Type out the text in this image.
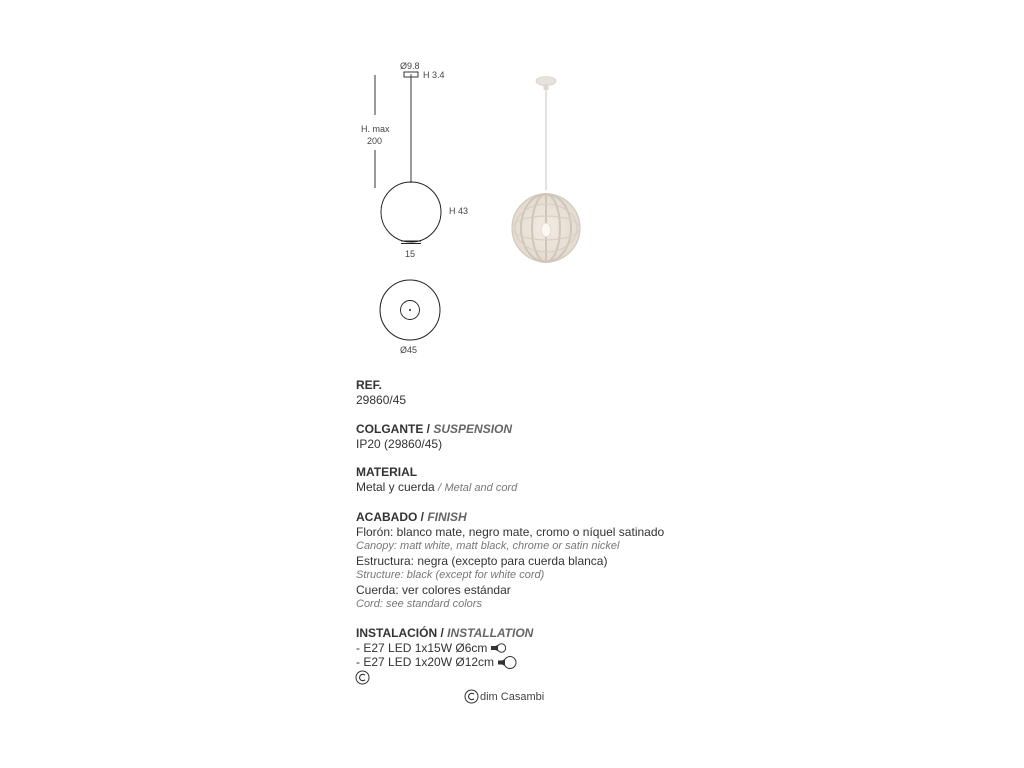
Ø9.8
H 3.4
H. max
200
H 43
15
Ø45
REF.
29860/45
COLGANTE / SUSPENSION
IP20 (29860/45)
MATERIAL
Metal y cuerda / Metal and cord
ACABADO / FINISH
Florón: blanco mate, negro mate, cromo o níquel satinado
Canopy: matt white, matt black, chrome or satin nickel
Estructura: negra (excepto para cuerda blanca)
Structure: black (except for white cord)
Cuerda: ver colores estándar
Cord: see standard colors
INSTALACIÓN / INSTALLATION
- E27 LED 1x15W Ø6cm
- E27 LED 1x20W Ø12cm
dim Casambi
